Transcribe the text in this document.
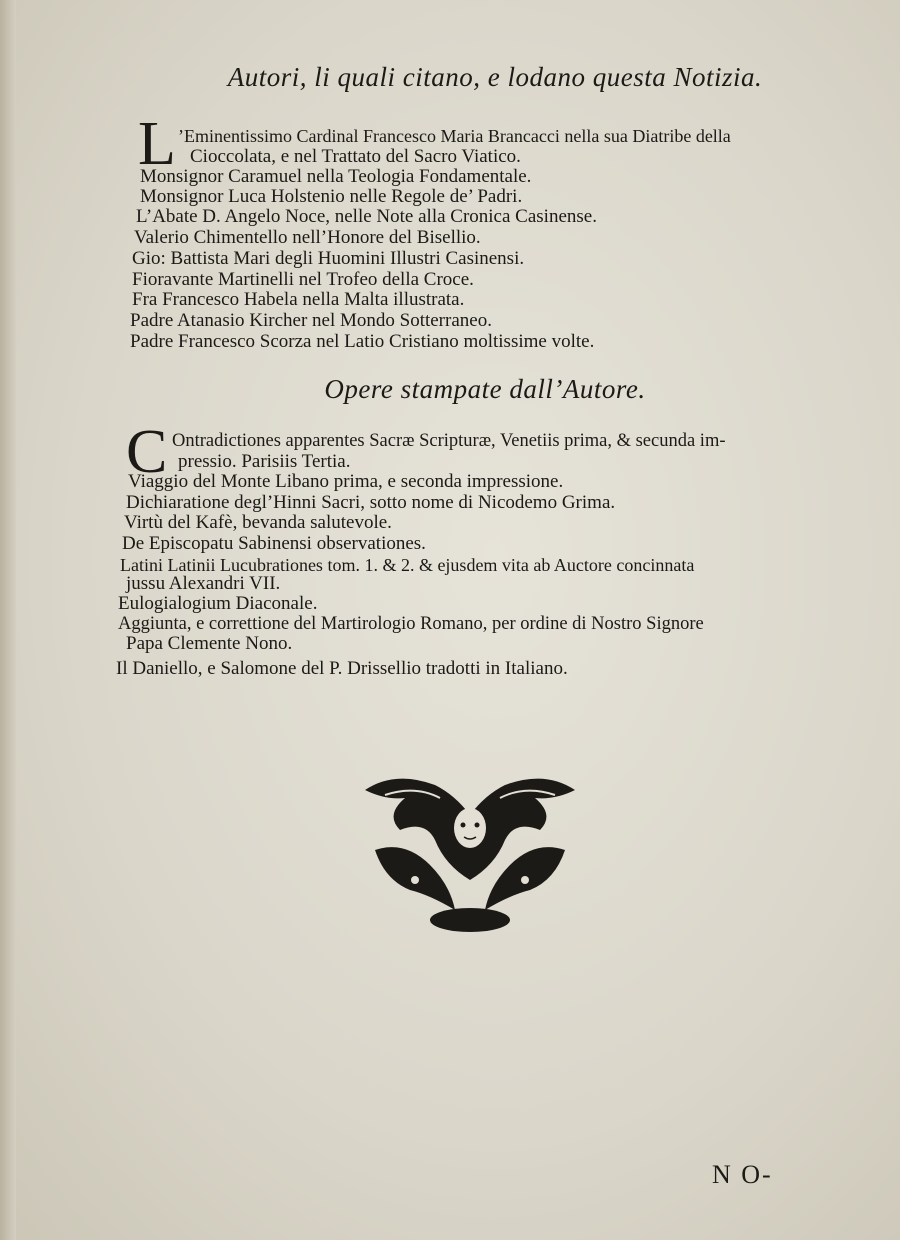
Autori, li quali citano, e lodano questa Notizia.
L ’Eminentissimo Cardinal Francesco Maria Brancacci nella sua Diatribe della
Cioccolata, e nel Trattato del Sacro Viatico.
Monsignor Caramuel nella Teologia Fondamentale.
Monsignor Luca Holstenio nelle Regole de’ Padri.
L’Abate D. Angelo Noce, nelle Note alla Cronica Casinense.
Valerio Chimentello nell’Honore del Bisellio.
Gio: Battista Mari degli Huomini Illustri Casinensi.
Fioravante Martinelli nel Trofeo della Croce.
Fra Francesco Habela nella Malta illustrata.
Padre Atanasio Kircher nel Mondo Sotterraneo.
Padre Francesco Scorza nel Latio Cristiano moltissime volte.
Opere stampate dall’Autore.
C Ontradictiones apparentes Sacræ Scripturæ, Venetiis prima, & secunda im-
pressio. Parisiis Tertia.
Viaggio del Monte Libano prima, e seconda impressione.
Dichiaratione degl’Hinni Sacri, sotto nome di Nicodemo Grima.
Virtù del Kafè, bevanda salutevole.
De Episcopatu Sabinensi observationes.
Latini Latinii Lucubrationes tom. 1. & 2. & ejusdem vita ab Auctore concinnata
jussu Alexandri VII.
Eulogialogium Diaconale.
Aggiunta, e correttione del Martirologio Romano, per ordine di Nostro Signore
Papa Clemente Nono.
Il Daniello, e Salomone del P. Drissellio tradotti in Italiano.
N O-
